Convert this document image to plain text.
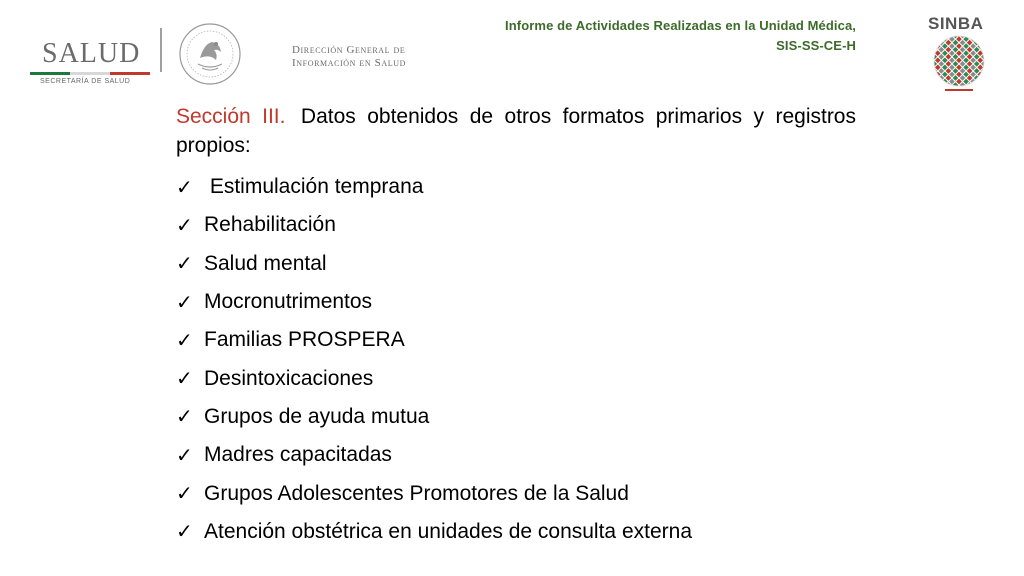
SALUD
SECRETARÍA DE SALUD
Dirección General de
Información en Salud
Informe de Actividades Realizadas en la Unidad Médica,
SIS-SS-CE-H
SINBA
Sección III. Datos obtenidos de otros formatos primarios y registros propios:
✓ Estimulación temprana
✓ Rehabilitación
✓ Salud mental
✓ Mocronutrimentos
✓ Familias PROSPERA
✓ Desintoxicaciones
✓ Grupos de ayuda mutua
✓ Madres capacitadas
✓ Grupos Adolescentes Promotores de la Salud
✓ Atención obstétrica en unidades de consulta externa
